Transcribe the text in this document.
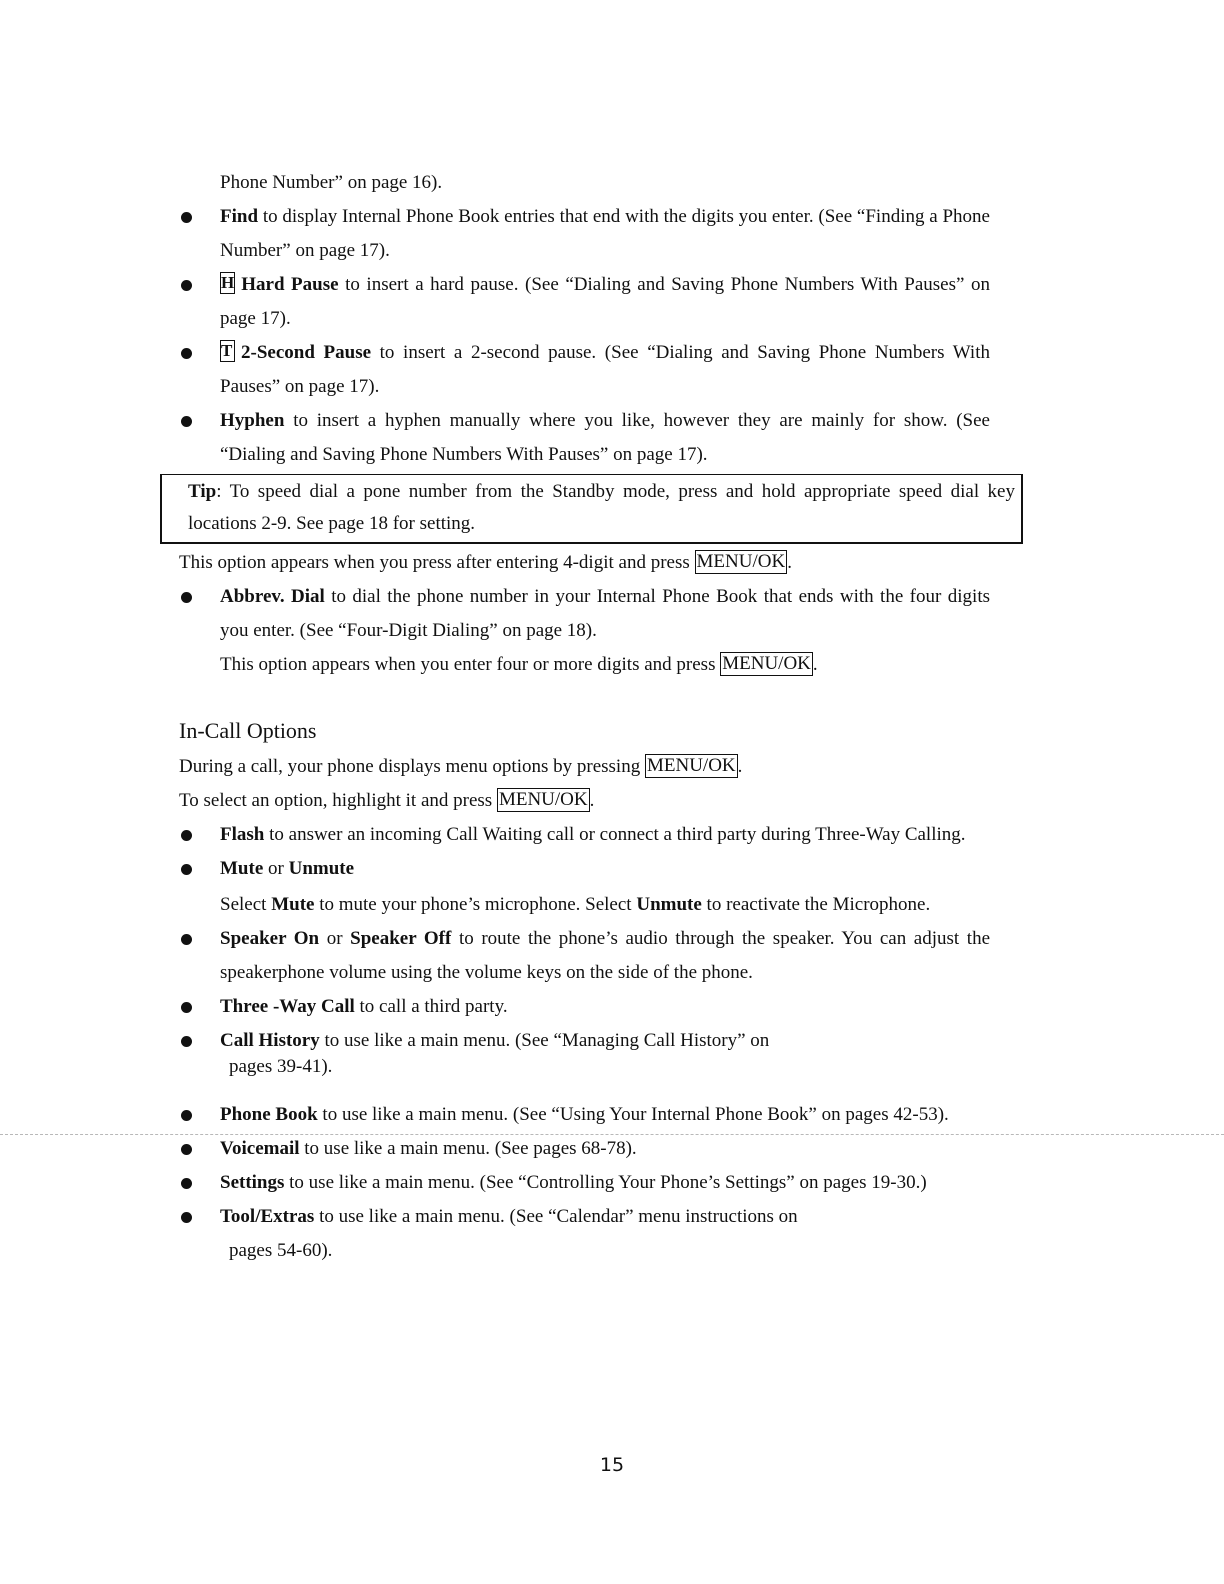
Phone Number” on page 16).
Find to display Internal Phone Book entries that end with the digits you enter. (See “Finding a Phone Number” on page 17).
H Hard Pause to insert a hard pause. (See “Dialing and Saving Phone Numbers With Pauses” on page 17).
T 2-Second Pause to insert a 2-second pause. (See “Dialing and Saving Phone Numbers With Pauses” on page 17).
Hyphen to insert a hyphen manually where you like, however they are mainly for show. (See “Dialing and Saving Phone Numbers With Pauses” on page 17).
Tip: To speed dial a pone number from the Standby mode, press and hold appropriate speed dial key locations 2-9. See page 18 for setting.
This option appears when you press after entering 4-digit and press MENU/OK .
Abbrev. Dial to dial the phone number in your Internal Phone Book that ends with the four digits you enter. (See “Four-Digit Dialing” on page 18).
This option appears when you enter four or more digits and press MENU/OK .
In-Call Options
During a call, your phone displays menu options by pressing MENU/OK .
To select an option, highlight it and press MENU/OK .
Flash to answer an incoming Call Waiting call or connect a third party during Three-Way Calling.
Mute or Unmute
Select Mute to mute your phone’s microphone. Select Unmute to reactivate the Microphone.
Speaker On or Speaker Off to route the phone’s audio through the speaker. You can adjust the speakerphone volume using the volume keys on the side of the phone.
Three -Way Call to call a third party.
Call History to use like a main menu. (See “Managing Call History” on
pages 39-41).
Phone Book to use like a main menu. (See “Using Your Internal Phone Book” on pages 42-53).
Voicemail to use like a main menu. (See pages 68-78).
Settings to use like a main menu. (See “Controlling Your Phone’s Settings” on pages 19-30.)
Tool/Extras to use like a main menu. (See “Calendar” menu instructions on
pages 54-60).
15
